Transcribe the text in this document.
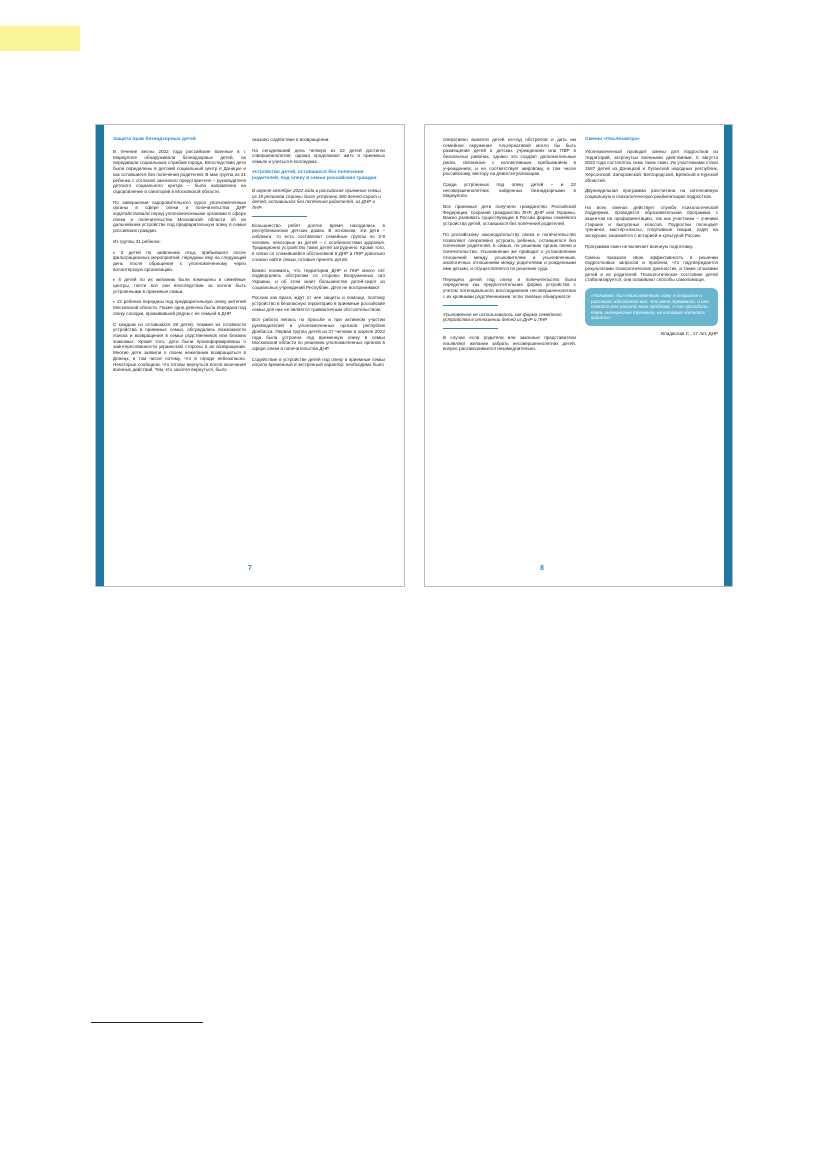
Защита прав безнадзорных детей

В течение весны 2022 года российские военные в г. Мариуполе обнаруживали безнадзорных детей, их передавали социальным службам города. Впоследствии дети были определены в детский социальный центр в Донецке и как оставшиеся без попечения родителей. В мае группа из 31 ребенка с согласия законного представителя – руководителя детского социального центра – была направлена на оздоровление в санаторий в Московской области.

По завершении оздоровительного курса уполномоченные органы в сфере опеки и попечительства ДНР ходатайствовали перед уполномоченными органами в сфере опеки и попечительства Московской области об их дальнейшем устройстве под предварительную опеку в семьи российских граждан.

Из группы 31 ребенок:

▸ 3 детей по заявлению отца, прибывшего после фильтрационных мероприятий, переданы ему на следующий день после обращения к уполномоченному через волонтерскую организацию.

▸ 6 детей по их желанию были помещены в семейные центры, почти все они впоследствии за хотели быть устроенными в приемные семьи.

▸ 22 ребенка переданы под предварительную опеку жителей Московской области. Позже одна девочка была передана под опеку соседки, проживавшей рядом с ее семьей в ДНР.

С каждым из оставшихся 28 детей, помимо их готовности устройства в приемные семьи, обсуждались возможности поиска и возвращения в семьи родственников или близких знакомых. Кроме того, дети были проинформированы о заинтересованности украинской стороны в их возвращении. Многие дети заявили о своем нежелании возвращаться в Донецк, в том числе потому, что в городе небезопасно. Некоторые сообщили, что готовы вернуться после окончания военных действий. Тем, кто захотел вернуться, было

оказано содействие в возвращении.

На сегодняшний день четверо из 22 детей достигли совершеннолетия, однако продолжают жить в приемных семьях и учиться в колледжах.

Устройство детей, оставшихся без попечения родителей, под опеку в семьи российских граждан
В апреле-октябре 2022 года в российские приемные семьи из 19 регионов страны было устроено 380 детей-сирот и детей, оставшихся без попечения родителей, из ДНР и ЛНР.

Большинство ребят долгое время находились в республиканских детских домах. В основном, эти дети – сиблинги, то есть составляют семейные группы по 3-9 человек, некоторые из детей – с особенностями здоровья. Традиционно устройство таких детей затруднено. Кроме того, в связи со сложившейся обстановкой в ДНР и ЛНР довольно сложно найти семьи, готовые принять детей.

Важно понимать, что территории ДНР и ЛНР много лет подвергались обстрелам со стороны Вооруженных сил Украины, и об этом знает большинство детей-сирот из социальных учреждений Республик. Дети не воспринимают

Россию как врага, ждут от нее защиты и помощи, поэтому устройство в безопасную территорию в приемные российские семьи для них не является травматичным обстоятельством.

Вся работа велась по просьбе и при активном участии руководителей и уполномоченных органов республик Донбасса. Первая группа детей из 27 человек в апреле 2022 года была устроена под временную опеку в семьи Московской области по решению уполномоченных органов в сфере опеки и попечительства ДНР.

Содействие в устройстве детей под опеку в приемные семьи носило временный и экстренный характер: необходимо было

7

оперативно вывезти детей из-под обстрелов и дать им семейное окружение. Альтернативой могло бы быть размещение детей в детских учреждениях или ПВР в безопасных районах, однако это создает дополнительные риски, связанные с коллективным пребыванием в учреждениях, и не соответствует мировому, в том числе российскому, вектору на деинституализацию.

Среди устроенных под опеку детей – и 22 несовершеннолетних, найденных безнадзорными в Мариуполе.

Все приемные дети получили гражданство Российской Федерации, сохранив гражданство ЛНР, ДНР или Украины. Важно развивать существующие в России формы семейного устройства детей, оставшихся без попечения родителей.

По российскому законодательству опека и попечительство позволяют оперативно устроить ребенка, оставшегося без попечения родителей, в семью, по решению органа опеки и попечительства. Усыновление же приводит к установлению отношений между усыновителем и усыновленным, аналогичных отношениям между родителями и рожденными ими детьми, и осуществляется по решению суда.

Передача детей под опеку и попечительство была определена как предпочтительная форма устройства с учетом потенциального воссоединения несовершеннолетних с их кровными родственниками, если таковые обнаружатся.

Усыновление не использовалось как форма семейного устройства в отношении детей из ДНР и ЛНР.

В случае если родители или законные представители изъявляют желание забрать несовершеннолетних детей, вопрос рассматривается незамедлительно.

Смены «Послезавтра»

Уполномоченный проводит смены для подростков из территорий, затронутых военными действиями. С августа 2022 года состоялось семь таких смен. Их участниками стали 1587 детей из Донецкой и Луганской народных республик, Херсонской, Запорожской, Белгородской, Брянской и Курской областей.

Двухнедельная программа рассчитана на интенсивную социальную и психологическую реабилитацию подростков.

На всех сменах действует служба психологической поддержки, проводится образовательная программа с акцентом на профориентацию, так как участники – ученики старших и выпускных классов. Подростки посещают тренинги, мастер-классы, спортивные секции, ездят на экскурсии, знакомятся с историей и культурой России.

Программа смен не включает военную подготовку.

Смены показали свою эффективность в решении подростковых запросов и проблем, что подтверждается результатами психологических диагностик, а также отзывами детей и их родителей. Психологическое состояние детей стабилизируется, они осваивают способы самопомощи.

«Понимаю: был единственным, кому я открылся и рассказал абсолютно все, что меня тревожит, и она помогла мне решить мою проблему. У нас проходили очень интересные тренинги, на которые хотелось ходить!»
Владислав С., 17 лет, ДНР
8
